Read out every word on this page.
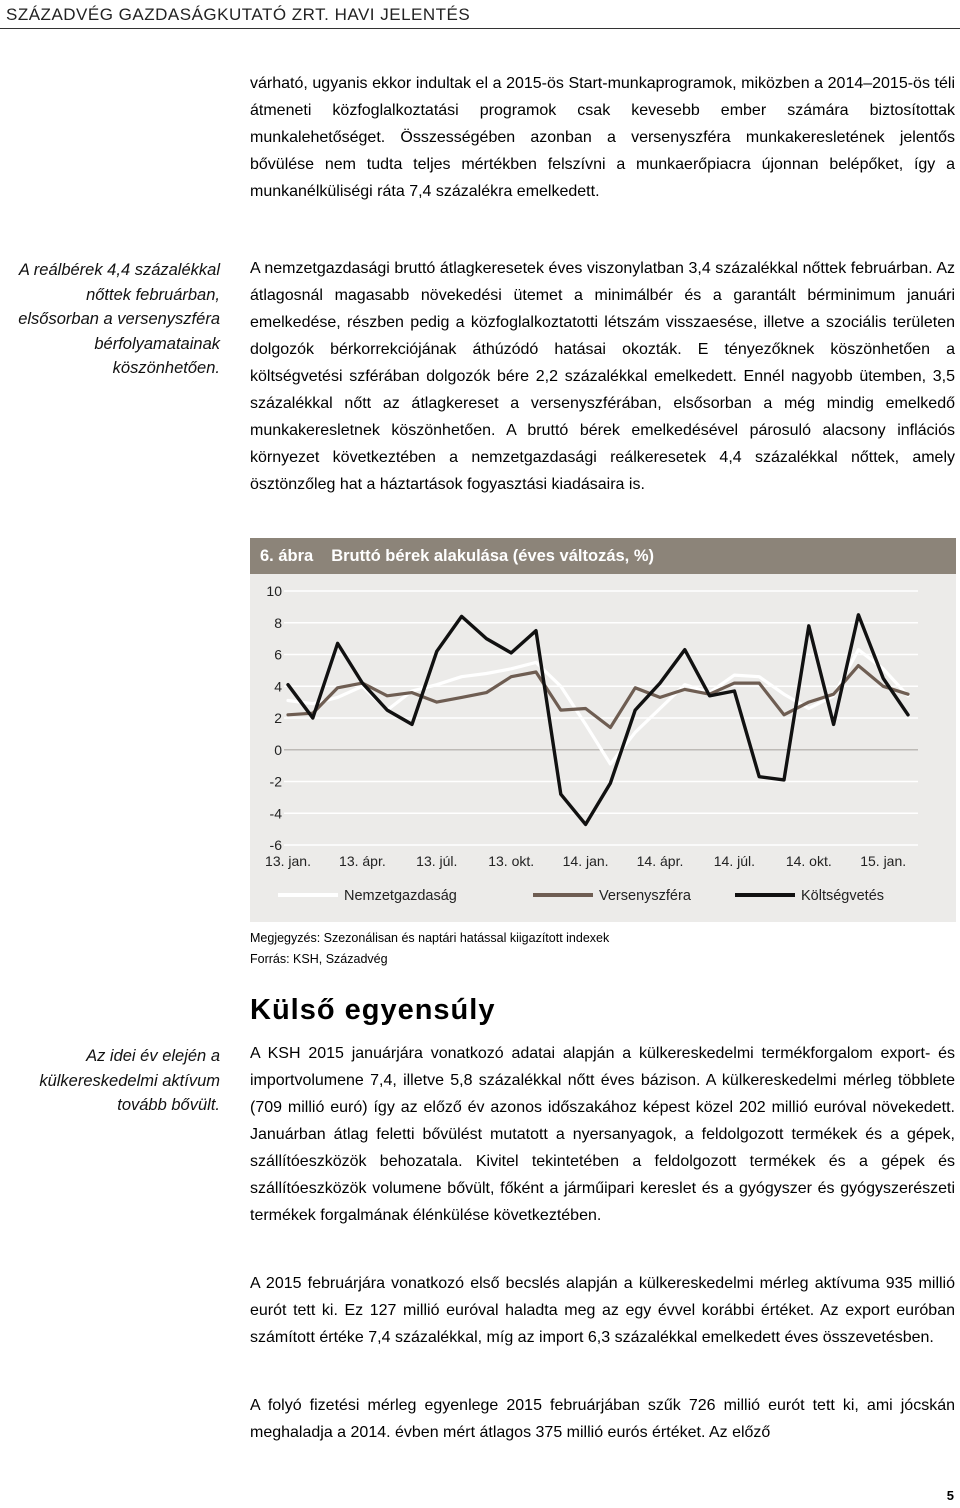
SZÁZADVÉG GAZDASÁGKUTATÓ ZRT. HAVI JELENTÉS

várható, ugyanis ekkor indultak el a 2015-ös Start-munkaprogramok, miközben a 2014–2015-ös téli átmeneti közfoglalkoztatási programok csak kevesebb ember számára biztosítottak munkalehetőséget. Összességében azonban a versenyszféra munkakeresletének jelentős bővülése nem tudta teljes mértékben felszívni a munkaerőpiacra újonnan belépőket, így a munkanélküliségi ráta 7,4 százalékra emelkedett.

A reálbérek 4,4 százalékkal nőttek februárban, elsősorban a versenyszféra bérfolyamatainak köszönhetően.

A nemzetgazdasági bruttó átlagkeresetek éves viszonylatban 3,4 százalékkal nőttek februárban. Az átlagosnál magasabb növekedési ütemet a minimálbér és a garantált bérminimum januári emelkedése, részben pedig a közfoglalkoztatotti létszám visszaesése, illetve a szociális területen dolgozók bérkorrekciójának áthúzódó hatásai okozták. E tényezőknek köszönhetően a költségvetési szférában dolgozók bére 2,2 százalékkal emelkedett. Ennél nagyobb ütemben, 3,5 százalékkal nőtt az átlagkereset a versenyszférában, elsősorban a még mindig emelkedő munkakeresletnek köszönhetően. A bruttó bérek emelkedésével párosuló alacsony inflációs környezet következtében a nemzetgazdasági reálkeresetek 4,4 százalékkal nőttek, amely ösztönzőleg hat a háztartások fogyasztási kiadásaira is.

6. ábra Bruttó bérek alakulása (éves változás, %)
10
8
6
4
2
0
-2
-4
-6
13. jan. 13. ápr. 13. júl. 13. okt. 14. jan. 14. ápr. 14. júl. 14. okt. 15. jan.
Nemzetgazdaság	Versenyszféra	Költségvetés

Megjegyzés: Szezonálisan és naptári hatással kiigazított indexek

Forrás: KSH, Századvég

Külső egyensúly

Az idei év elején a külkereskedelmi aktívum tovább bővült.

A KSH 2015 januárjára vonatkozó adatai alapján a külkereskedelmi termékforgalom export- és importvolumene 7,4, illetve 5,8 százalékkal nőtt éves bázison. A külkereskedelmi mérleg többlete (709 millió euró) így az előző év azonos időszakához képest közel 202 millió euróval növekedett. Januárban átlag feletti bővülést mutatott a nyersanyagok, a feldolgozott termékek és a gépek, szállítóeszközök behozatala. Kivitel tekintetében a feldolgozott termékek és a gépek és szállítóeszközök volumene bővült, főként a járműipari kereslet és a gyógyszer és gyógyszerészeti termékek forgalmának élénkülése következtében.

A 2015 februárjára vonatkozó első becslés alapján a külkereskedelmi mérleg aktívuma 935 millió eurót tett ki. Ez 127 millió euróval haladta meg az egy évvel korábbi értéket. Az export euróban számított értéke 7,4 százalékkal, míg az import 6,3 százalékkal emelkedett éves összevetésben.

A folyó fizetési mérleg egyenlege 2015 februárjában szűk 726 millió eurót tett ki, ami jócskán meghaladja a 2014. évben mért átlagos 375 millió eurós értéket. Az előző

5
